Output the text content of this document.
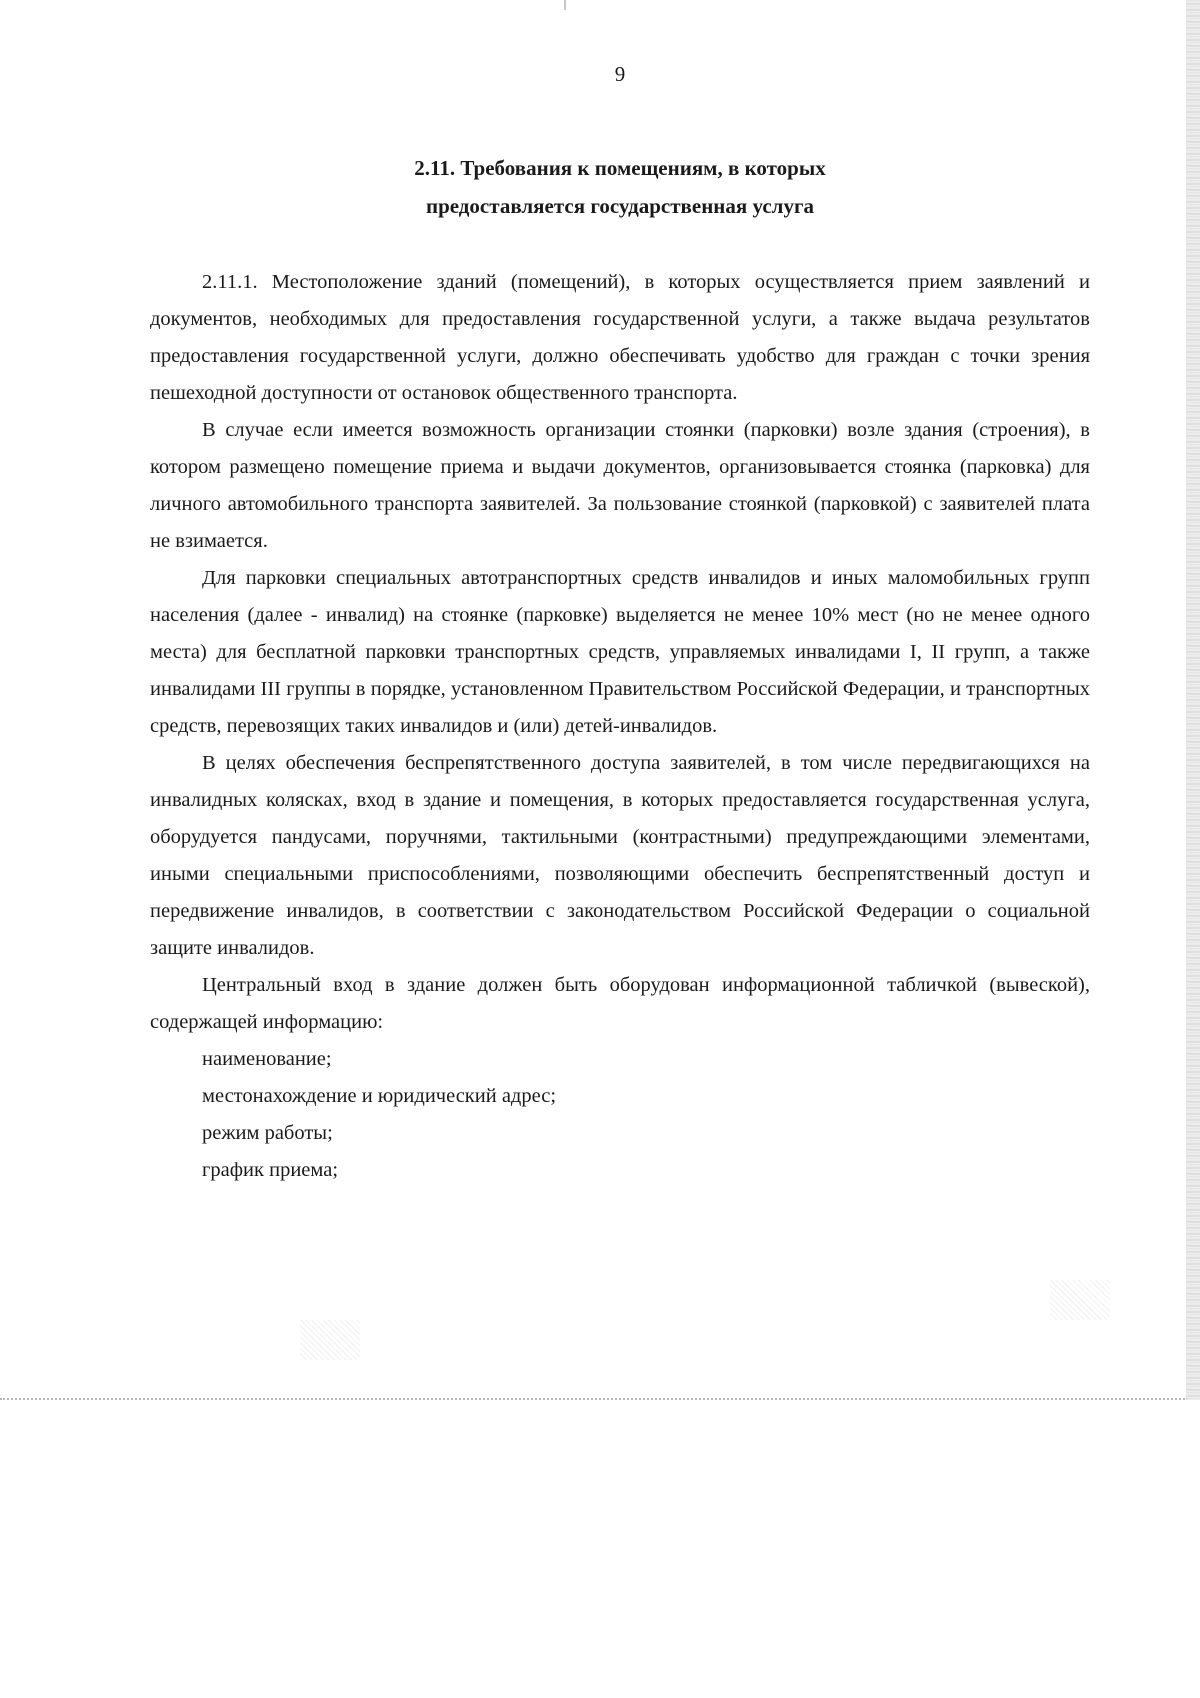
9
2.11. Требования к помещениям, в которых
предоставляется государственная услуга

2.11.1. Местоположение зданий (помещений), в которых осуществляется прием заявлений и документов, необходимых для предоставления государственной услуги, а также выдача результатов предоставления государственной услуги, должно обеспечивать удобство для граждан с точки зрения пешеходной доступности от остановок общественного транспорта.

В случае если имеется возможность организации стоянки (парковки) возле здания (строения), в котором размещено помещение приема и выдачи документов, организовывается стоянка (парковка) для личного автомобильного транспорта заявителей. За пользование стоянкой (парковкой) с заявителей плата не взимается.

Для парковки специальных автотранспортных средств инвалидов и иных маломобильных групп населения (далее - инвалид) на стоянке (парковке) выделяется не менее 10% мест (но не менее одного места) для бесплатной парковки транспортных средств, управляемых инвалидами I, II групп, а также инвалидами III группы в порядке, установленном Правительством Российской Федерации, и транспортных средств, перевозящих таких инвалидов и (или) детей-инвалидов.

В целях обеспечения беспрепятственного доступа заявителей, в том числе передвигающихся на инвалидных колясках, вход в здание и помещения, в которых предоставляется государственная услуга, оборудуется пандусами, поручнями, тактильными (контрастными) предупреждающими элементами, иными специальными приспособлениями, позволяющими обеспечить беспрепятственный доступ и передвижение инвалидов, в соответствии с законодательством Российской Федерации о социальной защите инвалидов.

Центральный вход в здание должен быть оборудован информационной табличкой (вывеской), содержащей информацию:

наименование;

местонахождение и юридический адрес;

режим работы;

график приема;
